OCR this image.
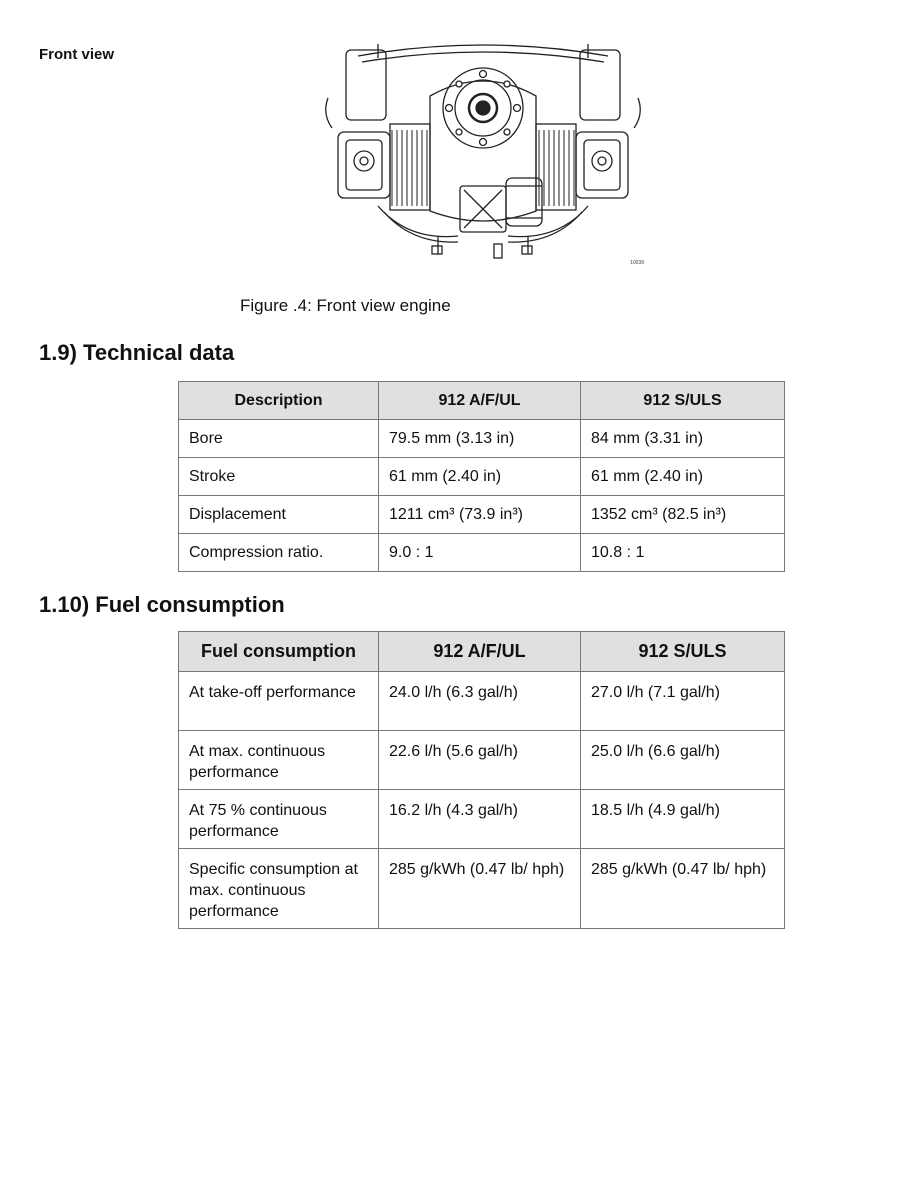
Front view
10038
Figure .4: Front view engine
1.9) Technical data
Description	912 A/F/UL	912 S/ULS
Bore	79.5 mm (3.13 in)	84 mm (3.31 in)
Stroke	61 mm (2.40 in)	61 mm (2.40 in)
Displacement	1211 cm³ (73.9 in³)	1352 cm³ (82.5 in³)
Compression ratio.	9.0 : 1	10.8 : 1
1.10) Fuel consumption
Fuel consumption	912 A/F/UL	912 S/ULS
At take-off performance	24.0 l/h (6.3 gal/h)	27.0 l/h (7.1 gal/h)
At max. continuous performance	22.6 l/h (5.6 gal/h)	25.0 l/h (6.6 gal/h)
At 75 % continuous performance	16.2 l/h (4.3 gal/h)	18.5 l/h (4.9 gal/h)
Specific consumption at max. continuous performance	285 g/kWh (0.47 lb/ hph)	285 g/kWh (0.47 lb/ hph)
